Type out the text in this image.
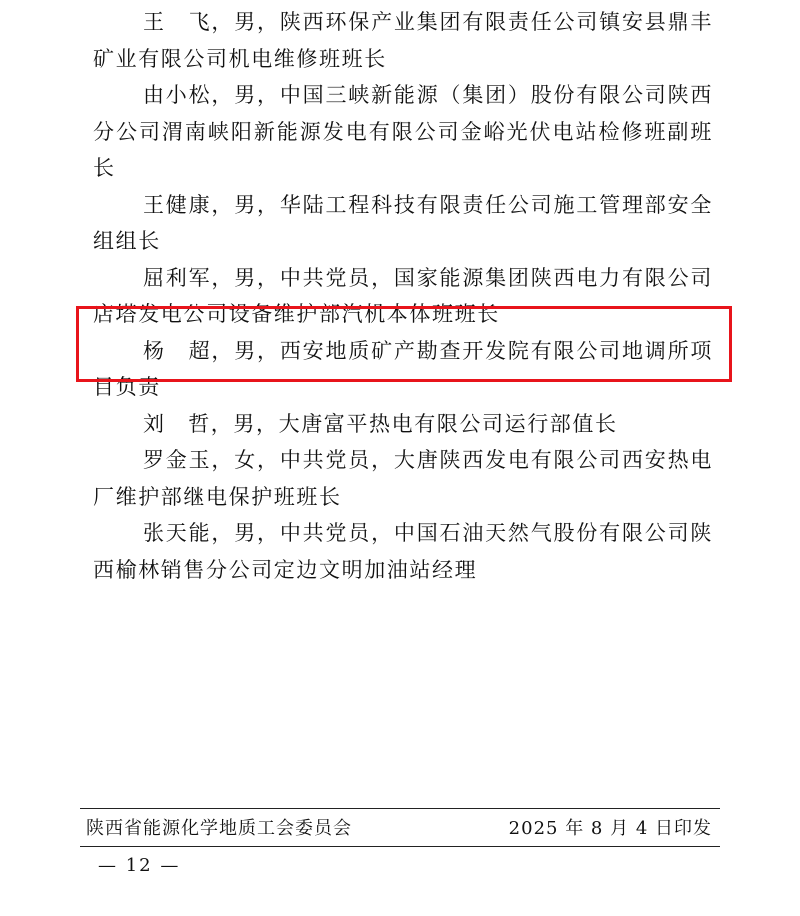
王　飞，男，陕西环保产业集团有限责任公司镇安县鼎丰矿业有限公司机电维修班班长

由小松，男，中国三峡新能源（集团）股份有限公司陕西分公司渭南峡阳新能源发电有限公司金峪光伏电站检修班副班长

王健康，男，华陆工程科技有限责任公司施工管理部安全组组长

屈利军，男，中共党员，国家能源集团陕西电力有限公司店塔发电公司设备维护部汽机本体班班长

杨　超，男，西安地质矿产勘查开发院有限公司地调所项目负责

刘　哲，男，大唐富平热电有限公司运行部值长

罗金玉，女，中共党员，大唐陕西发电有限公司西安热电厂维护部继电保护班班长

张天能，男，中共党员，中国石油天然气股份有限公司陕西榆林销售分公司定边文明加油站经理

陕西省能源化学地质工会委员会	2025 年 8 月 4 日印发
— 12 —
